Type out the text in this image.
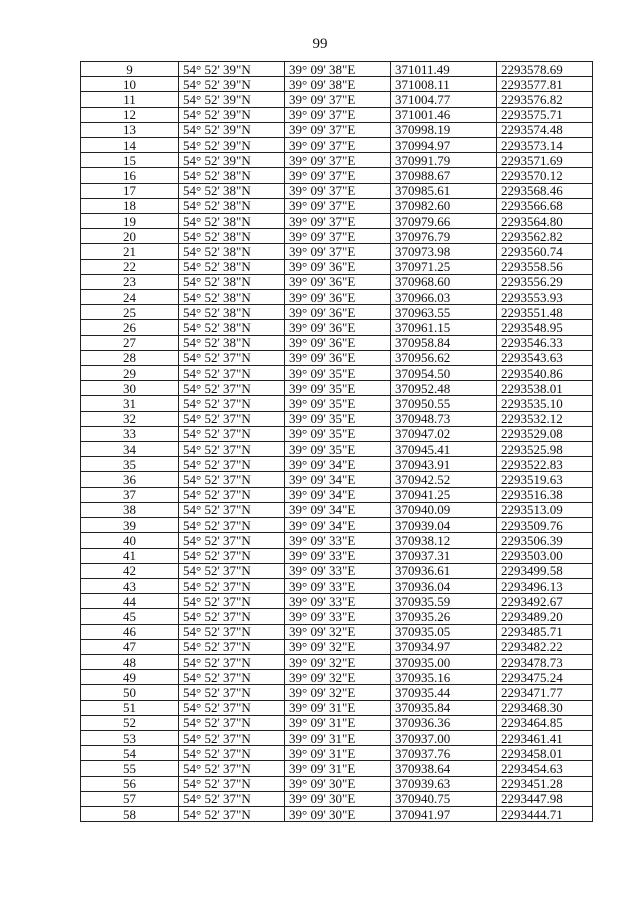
99
9	54° 52' 39"N	39° 09' 38"E	371011.49	2293578.69
10	54° 52' 39"N	39° 09' 38"E	371008.11	2293577.81
11	54° 52' 39"N	39° 09' 37"E	371004.77	2293576.82
12	54° 52' 39"N	39° 09' 37"E	371001.46	2293575.71
13	54° 52' 39"N	39° 09' 37"E	370998.19	2293574.48
14	54° 52' 39"N	39° 09' 37"E	370994.97	2293573.14
15	54° 52' 39"N	39° 09' 37"E	370991.79	2293571.69
16	54° 52' 38"N	39° 09' 37"E	370988.67	2293570.12
17	54° 52' 38"N	39° 09' 37"E	370985.61	2293568.46
18	54° 52' 38"N	39° 09' 37"E	370982.60	2293566.68
19	54° 52' 38"N	39° 09' 37"E	370979.66	2293564.80
20	54° 52' 38"N	39° 09' 37"E	370976.79	2293562.82
21	54° 52' 38"N	39° 09' 37"E	370973.98	2293560.74
22	54° 52' 38"N	39° 09' 36"E	370971.25	2293558.56
23	54° 52' 38"N	39° 09' 36"E	370968.60	2293556.29
24	54° 52' 38"N	39° 09' 36"E	370966.03	2293553.93
25	54° 52' 38"N	39° 09' 36"E	370963.55	2293551.48
26	54° 52' 38"N	39° 09' 36"E	370961.15	2293548.95
27	54° 52' 38"N	39° 09' 36"E	370958.84	2293546.33
28	54° 52' 37"N	39° 09' 36"E	370956.62	2293543.63
29	54° 52' 37"N	39° 09' 35"E	370954.50	2293540.86
30	54° 52' 37"N	39° 09' 35"E	370952.48	2293538.01
31	54° 52' 37"N	39° 09' 35"E	370950.55	2293535.10
32	54° 52' 37"N	39° 09' 35"E	370948.73	2293532.12
33	54° 52' 37"N	39° 09' 35"E	370947.02	2293529.08
34	54° 52' 37"N	39° 09' 35"E	370945.41	2293525.98
35	54° 52' 37"N	39° 09' 34"E	370943.91	2293522.83
36	54° 52' 37"N	39° 09' 34"E	370942.52	2293519.63
37	54° 52' 37"N	39° 09' 34"E	370941.25	2293516.38
38	54° 52' 37"N	39° 09' 34"E	370940.09	2293513.09
39	54° 52' 37"N	39° 09' 34"E	370939.04	2293509.76
40	54° 52' 37"N	39° 09' 33"E	370938.12	2293506.39
41	54° 52' 37"N	39° 09' 33"E	370937.31	2293503.00
42	54° 52' 37"N	39° 09' 33"E	370936.61	2293499.58
43	54° 52' 37"N	39° 09' 33"E	370936.04	2293496.13
44	54° 52' 37"N	39° 09' 33"E	370935.59	2293492.67
45	54° 52' 37"N	39° 09' 33"E	370935.26	2293489.20
46	54° 52' 37"N	39° 09' 32"E	370935.05	2293485.71
47	54° 52' 37"N	39° 09' 32"E	370934.97	2293482.22
48	54° 52' 37"N	39° 09' 32"E	370935.00	2293478.73
49	54° 52' 37"N	39° 09' 32"E	370935.16	2293475.24
50	54° 52' 37"N	39° 09' 32"E	370935.44	2293471.77
51	54° 52' 37"N	39° 09' 31"E	370935.84	2293468.30
52	54° 52' 37"N	39° 09' 31"E	370936.36	2293464.85
53	54° 52' 37"N	39° 09' 31"E	370937.00	2293461.41
54	54° 52' 37"N	39° 09' 31"E	370937.76	2293458.01
55	54° 52' 37"N	39° 09' 31"E	370938.64	2293454.63
56	54° 52' 37"N	39° 09' 30"E	370939.63	2293451.28
57	54° 52' 37"N	39° 09' 30"E	370940.75	2293447.98
58	54° 52' 37"N	39° 09' 30"E	370941.97	2293444.71
